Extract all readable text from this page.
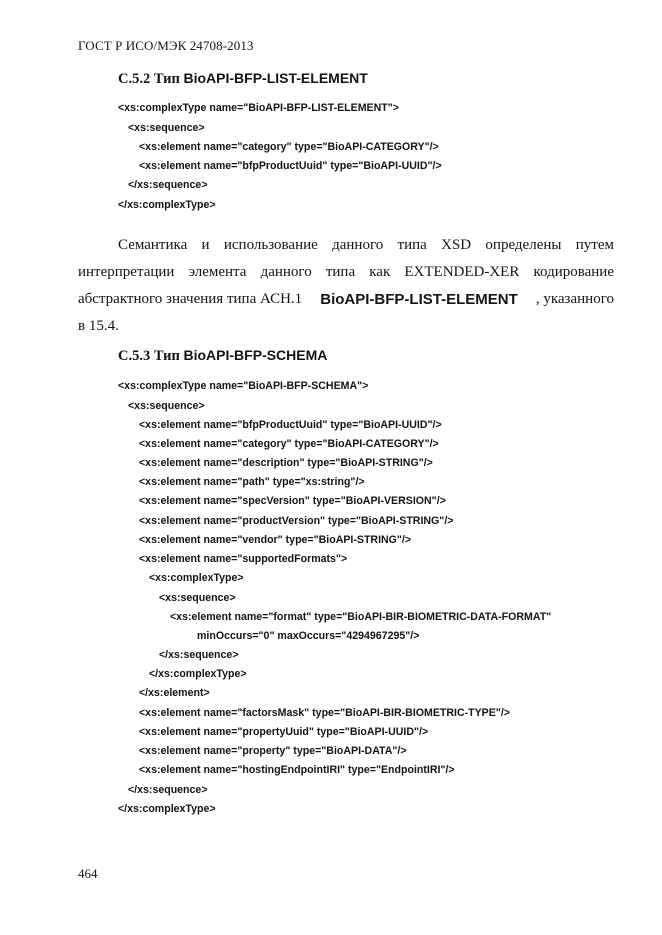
ГОСТ Р ИСО/МЭК 24708-2013
С.5.2 Тип BioAPI-BFP-LIST-ELEMENT
<xs:complexType name="BioAPI-BFP-LIST-ELEMENT">
<xs:sequence>
<xs:element name="category" type="BioAPI-CATEGORY"/>
<xs:element name="bfpProductUuid" type="BioAPI-UUID"/>
</xs:sequence>
</xs:complexType>
Семантика и использование данного типа XSD определены путем
интерпретации элемента данного типа как EXTENDED-XER кодирование
абстрактного значения типа АСН.1 BioAPI-BFP-LIST-ELEMENT , указанного
в 15.4.
С.5.3 Тип BioAPI-BFP-SCHEMA
<xs:complexType name="BioAPI-BFP-SCHEMA">
<xs:sequence>
<xs:element name="bfpProductUuid" type="BioAPI-UUID"/>
<xs:element name="category" type="BioAPI-CATEGORY"/>
<xs:element name="description" type="BioAPI-STRING"/>
<xs:element name="path" type="xs:string"/>
<xs:element name="specVersion" type="BioAPI-VERSION"/>
<xs:element name="productVersion" type="BioAPI-STRING"/>
<xs:element name="vendor" type="BioAPI-STRING"/>
<xs:element name="supportedFormats">
<xs:complexType>
<xs:sequence>
<xs:element name="format" type="BioAPI-BIR-BIOMETRIC-DATA-FORMAT"
minOccurs="0" maxOccurs="4294967295"/>
</xs:sequence>
</xs:complexType>
</xs:element>
<xs:element name="factorsMask" type="BioAPI-BIR-BIOMETRIC-TYPE"/>
<xs:element name="propertyUuid" type="BioAPI-UUID"/>
<xs:element name="property" type="BioAPI-DATA"/>
<xs:element name="hostingEndpointIRI" type="EndpointIRI"/>
</xs:sequence>
</xs:complexType>
464
